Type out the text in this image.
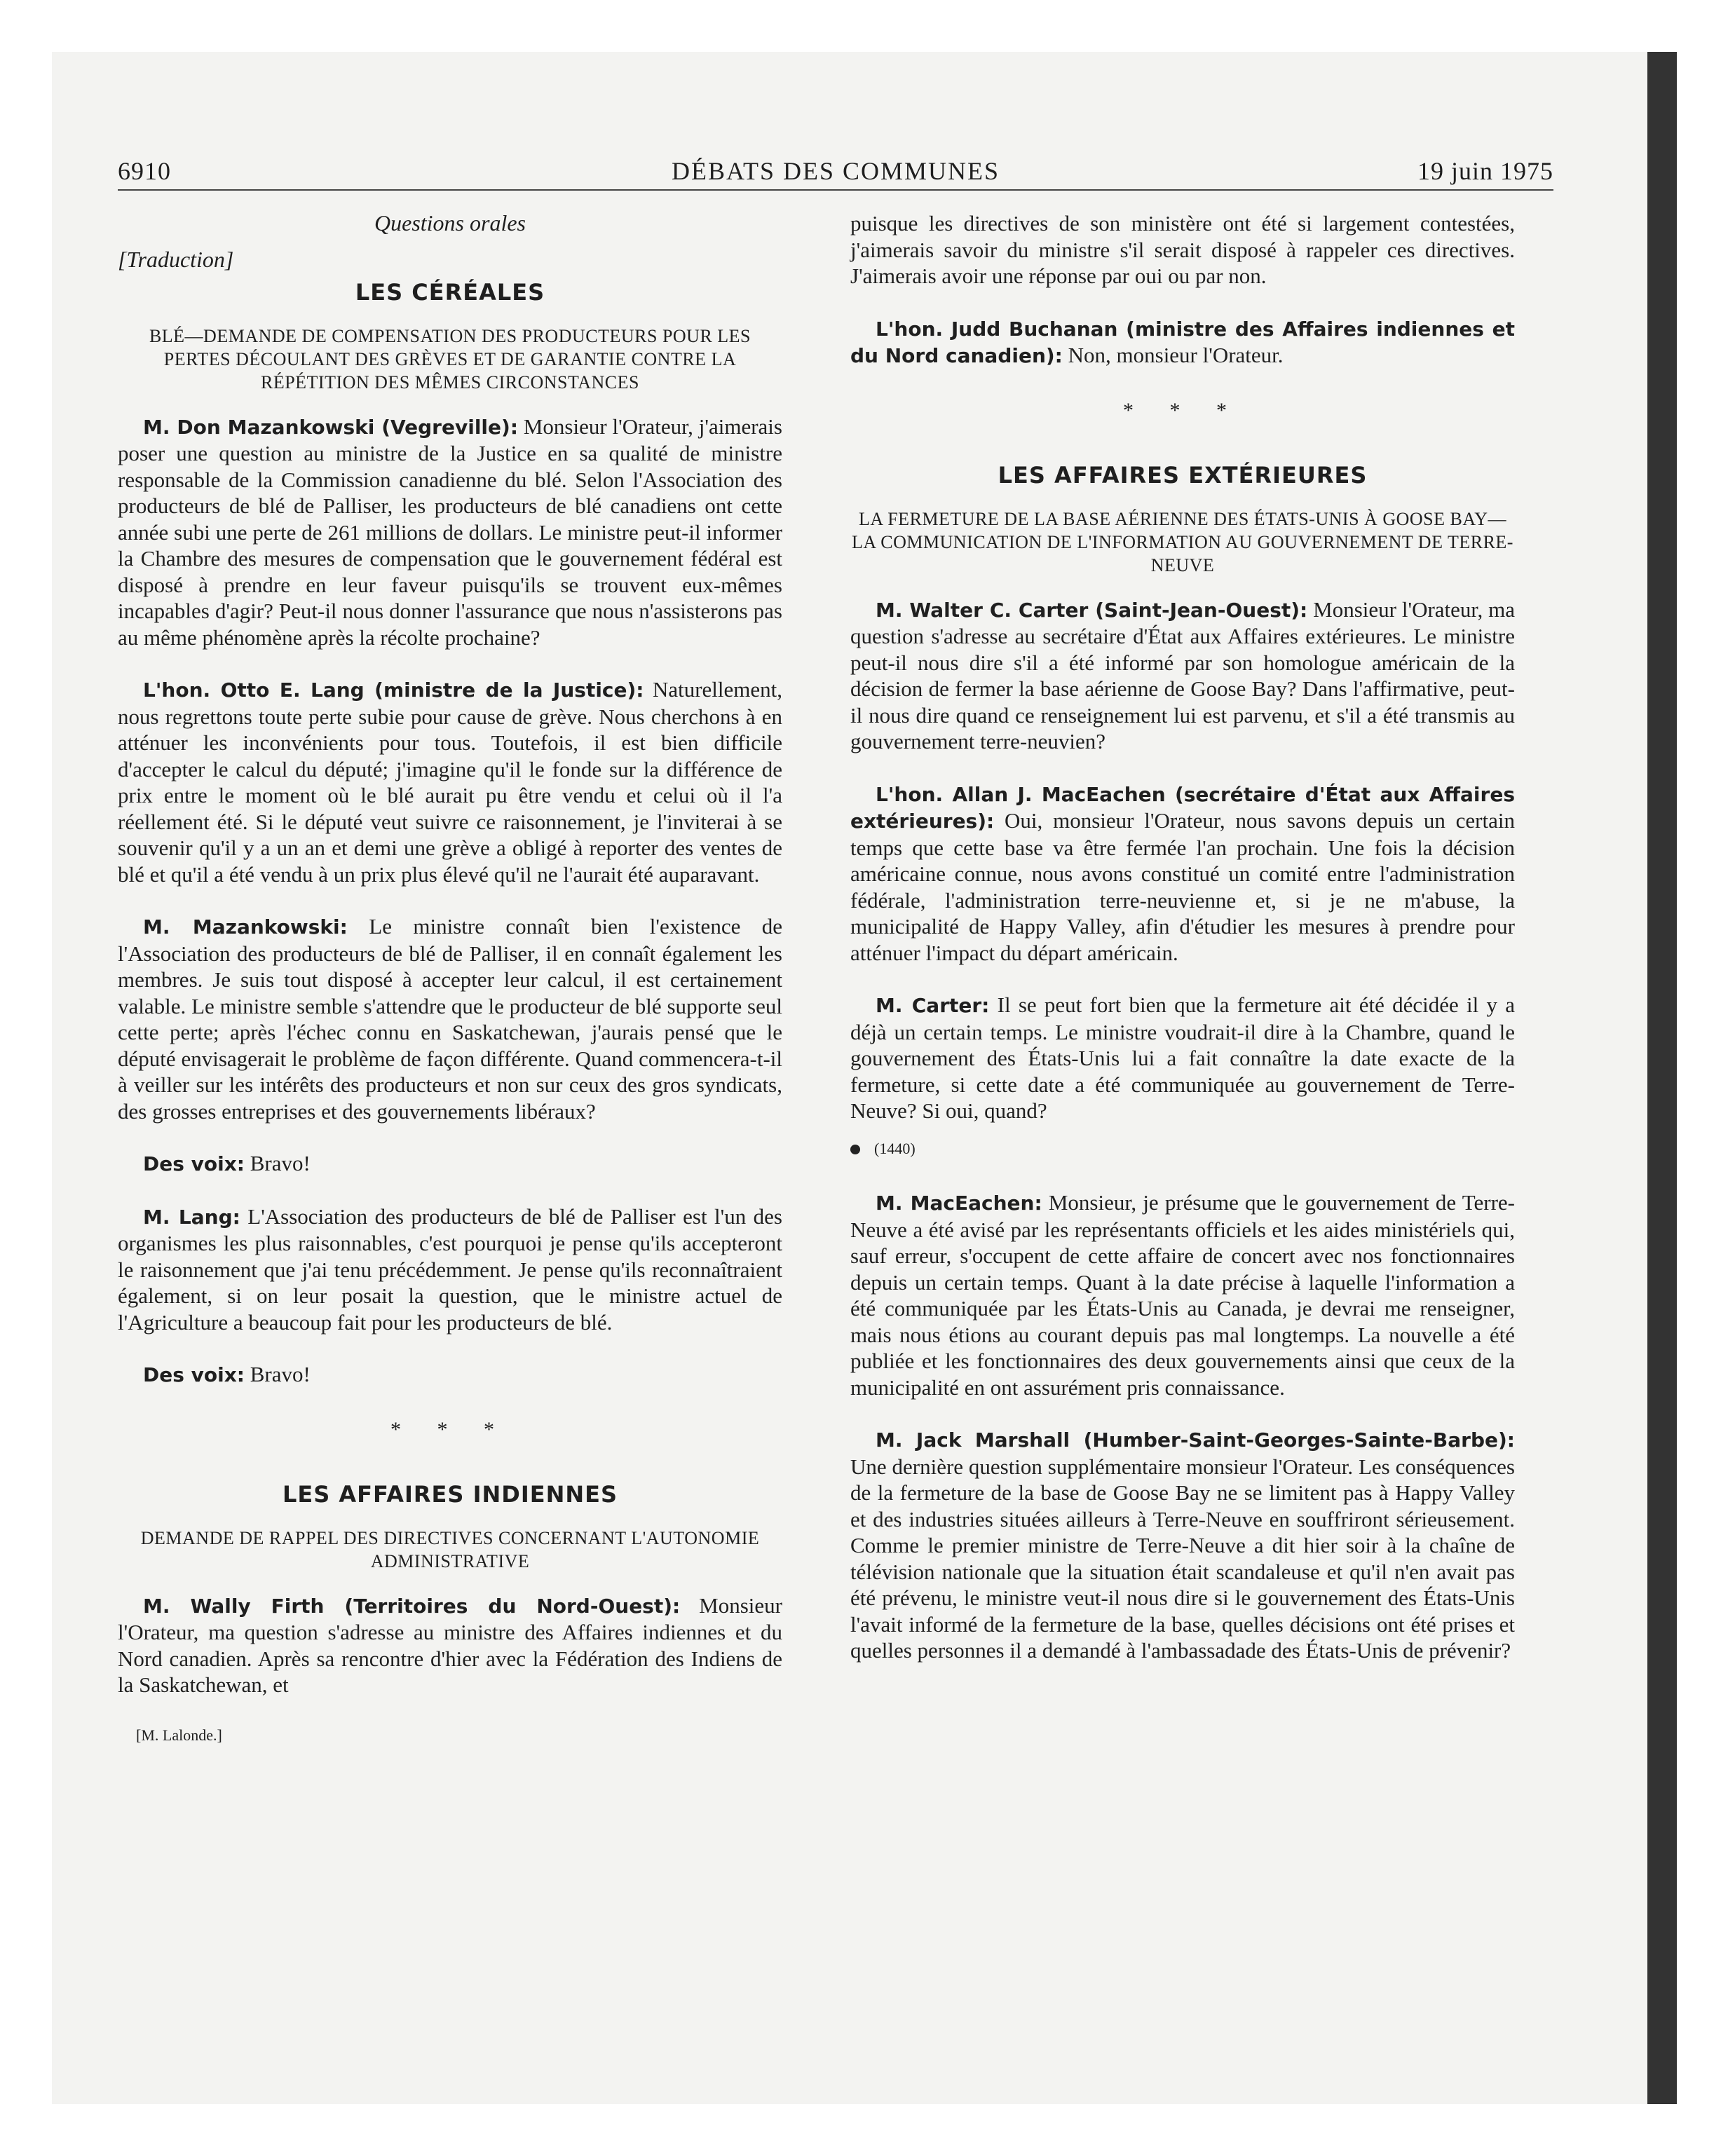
6910	DÉBATS DES COMMUNES	19 juin 1975

Questions orales

[Traduction]

LES CÉRÉALES

BLÉ—DEMANDE DE COMPENSATION DES PRODUCTEURS POUR LES PERTES DÉCOULANT DES GRÈVES ET DE GARANTIE CONTRE LA RÉPÉTITION DES MÊMES CIRCONSTANCES

M. Don Mazankowski (Vegreville): Monsieur l'Orateur, j'aimerais poser une question au ministre de la Justice en sa qualité de ministre responsable de la Commission canadienne du blé. Selon l'Association des producteurs de blé de Palliser, les producteurs de blé canadiens ont cette année subi une perte de 261 millions de dollars. Le ministre peut-il informer la Chambre des mesures de compensation que le gouvernement fédéral est disposé à prendre en leur faveur puisqu'ils se trouvent eux-mêmes incapables d'agir? Peut-il nous donner l'assurance que nous n'assisterons pas au même phénomène après la récolte prochaine?

L'hon. Otto E. Lang (ministre de la Justice): Naturellement, nous regrettons toute perte subie pour cause de grève. Nous cherchons à en atténuer les inconvénients pour tous. Toutefois, il est bien difficile d'accepter le calcul du député; j'imagine qu'il le fonde sur la différence de prix entre le moment où le blé aurait pu être vendu et celui où il l'a réellement été. Si le député veut suivre ce raisonnement, je l'inviterai à se souvenir qu'il y a un an et demi une grève a obligé à reporter des ventes de blé et qu'il a été vendu à un prix plus élevé qu'il ne l'aurait été auparavant.

M. Mazankowski: Le ministre connaît bien l'existence de l'Association des producteurs de blé de Palliser, il en connaît également les membres. Je suis tout disposé à accepter leur calcul, il est certainement valable. Le ministre semble s'attendre que le producteur de blé supporte seul cette perte; après l'échec connu en Saskatchewan, j'aurais pensé que le député envisagerait le problème de façon différente. Quand commencera-t-il à veiller sur les intérêts des producteurs et non sur ceux des gros syndicats, des grosses entreprises et des gouvernements libéraux?

Des voix: Bravo!

M. Lang: L'Association des producteurs de blé de Palliser est l'un des organismes les plus raisonnables, c'est pourquoi je pense qu'ils accepteront le raisonnement que j'ai tenu précédemment. Je pense qu'ils reconnaîtraient également, si on leur posait la question, que le ministre actuel de l'Agriculture a beaucoup fait pour les producteurs de blé.

Des voix: Bravo!

* * *

LES AFFAIRES INDIENNES

DEMANDE DE RAPPEL DES DIRECTIVES CONCERNANT L'AUTONOMIE ADMINISTRATIVE

M. Wally Firth (Territoires du Nord-Ouest): Monsieur l'Orateur, ma question s'adresse au ministre des Affaires indiennes et du Nord canadien. Après sa rencontre d'hier avec la Fédération des Indiens de la Saskatchewan, et

[M. Lalonde.]

puisque les directives de son ministère ont été si largement contestées, j'aimerais savoir du ministre s'il serait disposé à rappeler ces directives. J'aimerais avoir une réponse par oui ou par non.

L'hon. Judd Buchanan (ministre des Affaires indiennes et du Nord canadien): Non, monsieur l'Orateur.

* * *

LES AFFAIRES EXTÉRIEURES

LA FERMETURE DE LA BASE AÉRIENNE DES ÉTATS-UNIS À GOOSE BAY—LA COMMUNICATION DE L'INFORMATION AU GOUVERNEMENT DE TERRE-NEUVE

M. Walter C. Carter (Saint-Jean-Ouest): Monsieur l'Orateur, ma question s'adresse au secrétaire d'État aux Affaires extérieures. Le ministre peut-il nous dire s'il a été informé par son homologue américain de la décision de fermer la base aérienne de Goose Bay? Dans l'affirmative, peut-il nous dire quand ce renseignement lui est parvenu, et s'il a été transmis au gouvernement terre-neuvien?

L'hon. Allan J. MacEachen (secrétaire d'État aux Affaires extérieures): Oui, monsieur l'Orateur, nous savons depuis un certain temps que cette base va être fermée l'an prochain. Une fois la décision américaine connue, nous avons constitué un comité entre l'administration fédérale, l'administration terre-neuvienne et, si je ne m'abuse, la municipalité de Happy Valley, afin d'étudier les mesures à prendre pour atténuer l'impact du départ américain.

M. Carter: Il se peut fort bien que la fermeture ait été décidée il y a déjà un certain temps. Le ministre voudrait-il dire à la Chambre, quand le gouvernement des États-Unis lui a fait connaître la date exacte de la fermeture, si cette date a été communiquée au gouvernement de Terre-Neuve? Si oui, quand?

(1440)

M. MacEachen: Monsieur, je présume que le gouvernement de Terre-Neuve a été avisé par les représentants officiels et les aides ministériels qui, sauf erreur, s'occupent de cette affaire de concert avec nos fonctionnaires depuis un certain temps. Quant à la date précise à laquelle l'information a été communiquée par les États-Unis au Canada, je devrai me renseigner, mais nous étions au courant depuis pas mal longtemps. La nouvelle a été publiée et les fonctionnaires des deux gouvernements ainsi que ceux de la municipalité en ont assurément pris connaissance.

M. Jack Marshall (Humber-Saint-Georges-Sainte-Barbe): Une dernière question supplémentaire monsieur l'Orateur. Les conséquences de la fermeture de la base de Goose Bay ne se limitent pas à Happy Valley et des industries situées ailleurs à Terre-Neuve en souffriront sérieusement. Comme le premier ministre de Terre-Neuve a dit hier soir à la chaîne de télévision nationale que la situation était scandaleuse et qu'il n'en avait pas été prévenu, le ministre veut-il nous dire si le gouvernement des États-Unis l'avait informé de la fermeture de la base, quelles décisions ont été prises et quelles personnes il a demandé à l'ambassadade des États-Unis de prévenir?
